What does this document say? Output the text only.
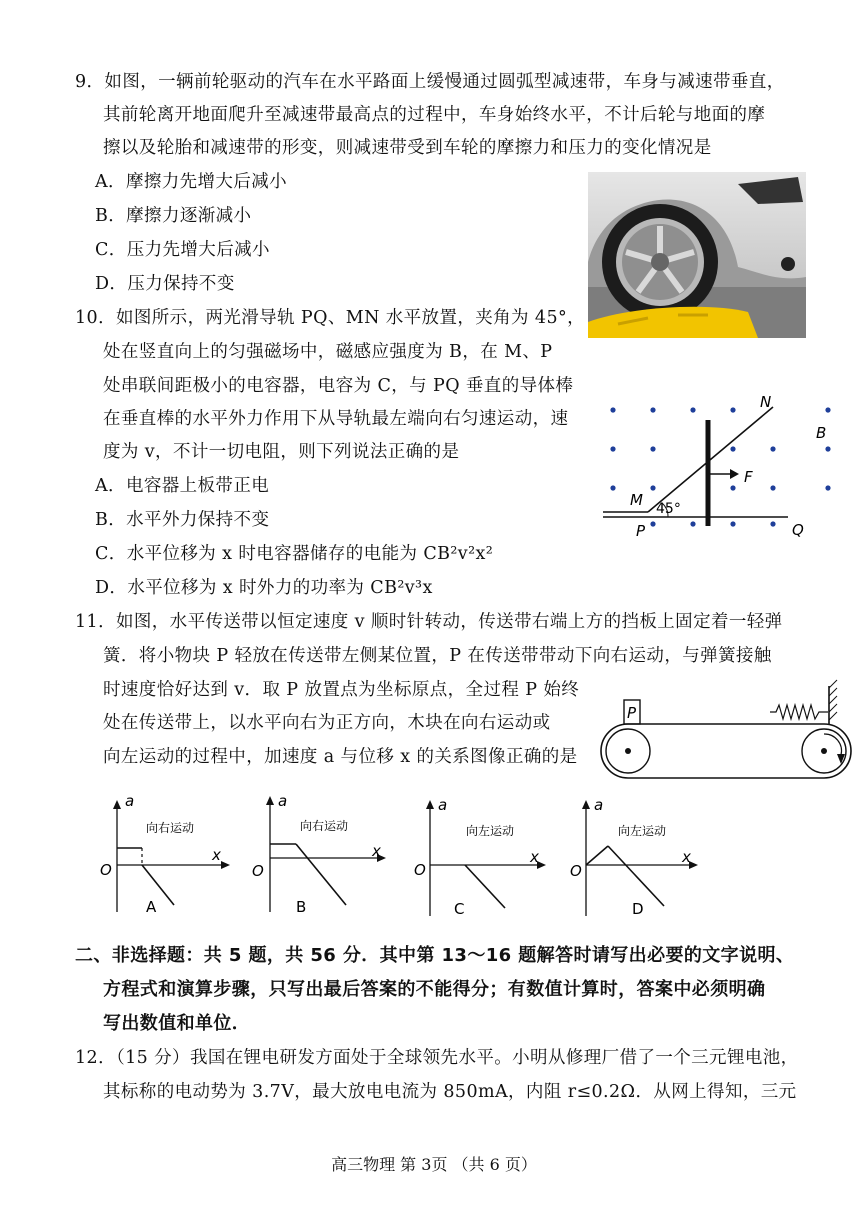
9．如图，一辆前轮驱动的汽车在水平路面上缓慢通过圆弧型减速带，车身与减速带垂直，
其前轮离开地面爬升至减速带最高点的过程中，车身始终水平，不计后轮与地面的摩
擦以及轮胎和减速带的形变，则减速带受到车轮的摩擦力和压力的变化情况是
A．摩擦力先增大后减小
B．摩擦力逐渐减小
C．压力先增大后减小
D．压力保持不变
10．如图所示，两光滑导轨 PQ、MN 水平放置，夹角为 45°，
处在竖直向上的匀强磁场中，磁感应强度为 B，在 M、P
处串联间距极小的电容器，电容为 C，与 PQ 垂直的导体棒
在垂直棒的水平外力作用下从导轨最左端向右匀速运动，速
度为 v，不计一切电阻，则下列说法正确的是
A．电容器上板带正电
B．水平外力保持不变
C．水平位移为 x 时电容器储存的电能为 CB²v²x²
D．水平位移为 x 时外力的功率为 CB²v³x
N
B
F
M 45°
P	Q
11．如图，水平传送带以恒定速度 v 顺时针转动，传送带右端上方的挡板上固定着一轻弹
簧．将小物块 P 轻放在传送带左侧某位置，P 在传送带带动下向右运动，与弹簧接触
时速度恰好达到 v．取 P 放置点为坐标原点，全过程 P 始终
处在传送带上，以水平向右为正方向，木块在向右运动或
向左运动的过程中，加速度 a 与位移 x 的关系图像正确的是
P
a
x
O
向右运动
A
a
x
O
向右运动
B
a
x
O
向左运动
C
a
x
O
向左运动
D
二、非选择题：共 5 题，共 56 分．其中第 13～16 题解答时请写出必要的文字说明、
方程式和演算步骤，只写出最后答案的不能得分；有数值计算时，答案中必须明确
写出数值和单位．
12．（15 分）我国在锂电研发方面处于全球领先水平。小明从修理厂借了一个三元锂电池，
其标称的电动势为 3.7V，最大放电电流为 850mA，内阻 r≤0.2Ω．从网上得知，三元
高三物理 第 3页 （共 6 页）
